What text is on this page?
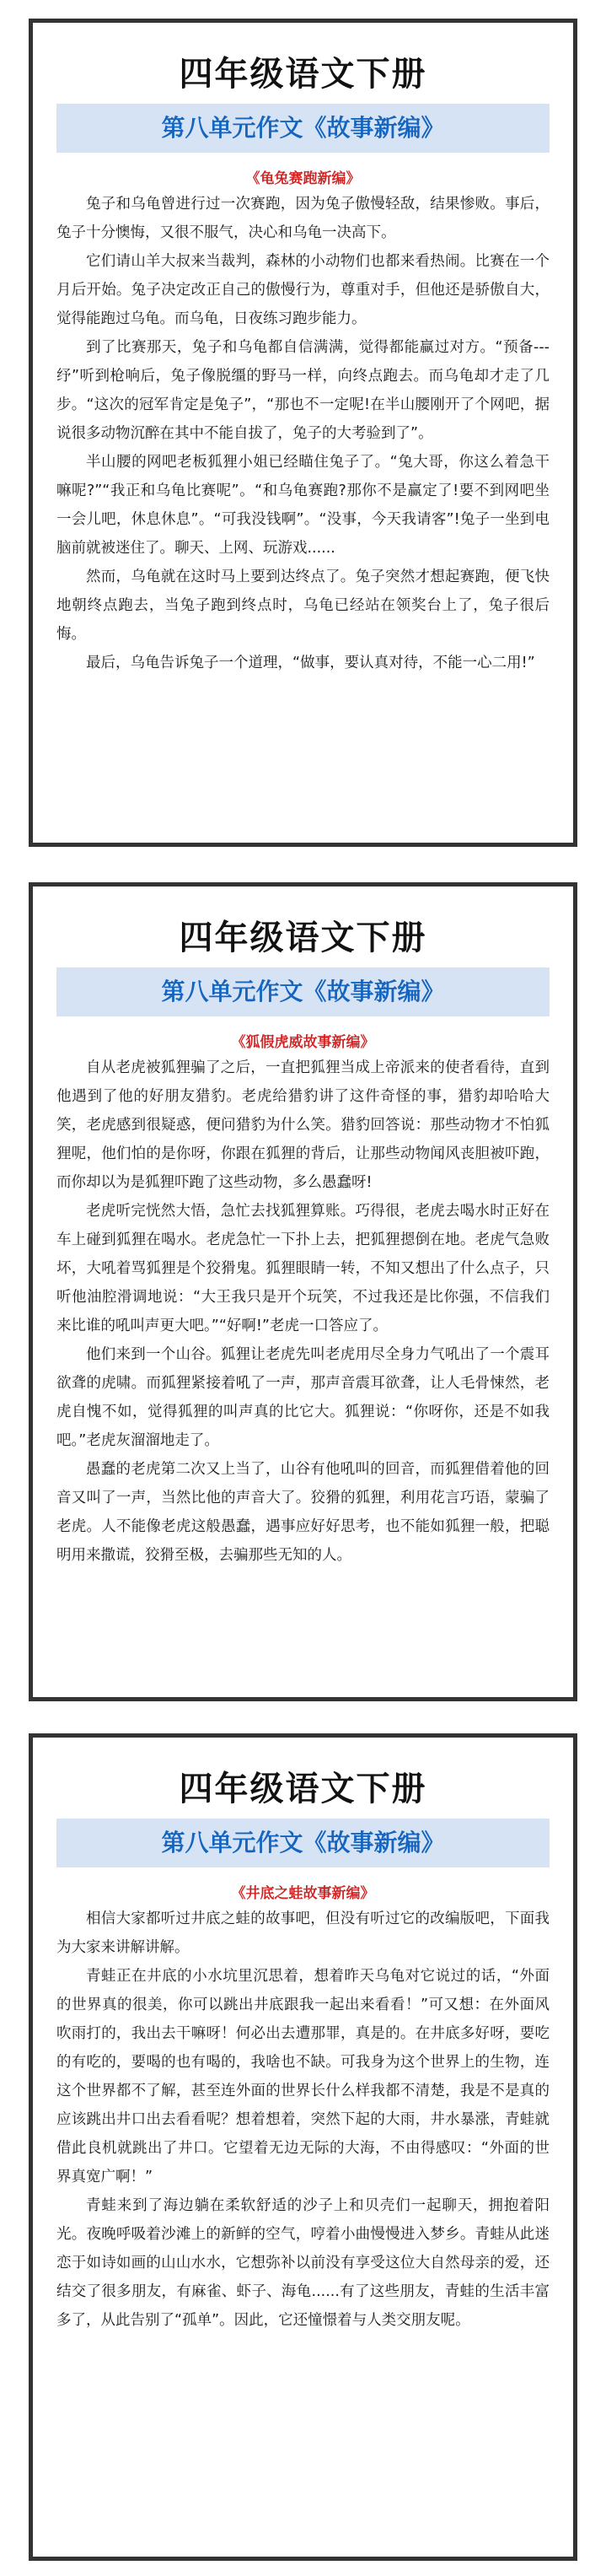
四年级语文下册
第八单元作文《故事新编》
《龟兔赛跑新编》

兔子和乌龟曾进行过一次赛跑，因为兔子傲慢轻敌，结果惨败。事后，兔子十分懊悔，又很不服气，决心和乌龟一决高下。

它们请山羊大叔来当裁判，森林的小动物们也都来看热闹。比赛在一个月后开始。兔子决定改正自己的傲慢行为，尊重对手，但他还是骄傲自大，觉得能跑过乌龟。而乌龟，日夜练习跑步能力。

到了比赛那天，兔子和乌龟都自信满满，觉得都能赢过对方。“预备---纾”听到枪响后，兔子像脱缰的野马一样，向终点跑去。而乌龟却才走了几步。“这次的冠军肯定是兔子”，“那也不一定呢!在半山腰刚开了个网吧，据说很多动物沉醉在其中不能自拔了，兔子的大考验到了”。

半山腰的网吧老板狐狸小姐已经瞄住兔子了。“兔大哥，你这么着急干嘛呢?”“我正和乌龟比赛呢”。“和乌龟赛跑?那你不是赢定了!要不到网吧坐一会儿吧，休息休息”。“可我没钱啊”。“没事，今天我请客”!兔子一坐到电脑前就被迷住了。聊天、上网、玩游戏......

然而，乌龟就在这时马上要到达终点了。兔子突然才想起赛跑，便飞快地朝终点跑去，当兔子跑到终点时，乌龟已经站在领奖台上了，兔子很后悔。

最后，乌龟告诉兔子一个道理，“做事，要认真对待，不能一心二用!”

四年级语文下册
第八单元作文《故事新编》
《狐假虎威故事新编》

自从老虎被狐狸骗了之后，一直把狐狸当成上帝派来的使者看待，直到他遇到了他的好朋友猎豹。老虎给猎豹讲了这件奇怪的事，猎豹却哈哈大笑，老虎感到很疑惑，便问猎豹为什么笑。猎豹回答说：那些动物才不怕狐狸呢，他们怕的是你呀，你跟在狐狸的背后，让那些动物闻风丧胆被吓跑，而你却以为是狐狸吓跑了这些动物，多么愚蠢呀!

老虎听完恍然大悟，急忙去找狐狸算账。巧得很，老虎去喝水时正好在车上碰到狐狸在喝水。老虎急忙一下扑上去，把狐狸摁倒在地。老虎气急败坏，大吼着骂狐狸是个狡猾鬼。狐狸眼睛一转，不知又想出了什么点子，只听他油腔滑调地说：“大王我只是开个玩笑，不过我还是比你强，不信我们来比谁的吼叫声更大吧。”“好啊!”老虎一口答应了。

他们来到一个山谷。狐狸让老虎先叫老虎用尽全身力气吼出了一个震耳欲聋的虎啸。而狐狸紧接着吼了一声，那声音震耳欲聋，让人毛骨悚然，老虎自愧不如，觉得狐狸的叫声真的比它大。狐狸说：“你呀你，还是不如我吧。”老虎灰溜溜地走了。

愚蠢的老虎第二次又上当了，山谷有他吼叫的回音，而狐狸借着他的回音又叫了一声，当然比他的声音大了。狡猾的狐狸，利用花言巧语，蒙骗了老虎。人不能像老虎这般愚蠢，遇事应好好思考，也不能如狐狸一般，把聪明用来撒谎，狡猾至极，去骗那些无知的人。

四年级语文下册
第八单元作文《故事新编》
《井底之蛙故事新编》

相信大家都听过井底之蛙的故事吧，但没有听过它的改编版吧，下面我为大家来讲解讲解。

青蛙正在井底的小水坑里沉思着，想着昨天乌龟对它说过的话，“外面的世界真的很美，你可以跳出井底跟我一起出来看看！”可又想：在外面风吹雨打的，我出去干嘛呀！何必出去遭那罪，真是的。在井底多好呀，要吃的有吃的，要喝的也有喝的，我啥也不缺。可我身为这个世界上的生物，连这个世界都不了解，甚至连外面的世界长什么样我都不清楚，我是不是真的应该跳出井口出去看看呢？想着想着，突然下起的大雨，井水暴涨，青蛙就借此良机就跳出了井口。它望着无边无际的大海，不由得感叹：“外面的世界真宽广啊！”

青蛙来到了海边躺在柔软舒适的沙子上和贝壳们一起聊天，拥抱着阳光。夜晚呼吸着沙滩上的新鲜的空气，哼着小曲慢慢进入梦乡。青蛙从此迷恋于如诗如画的山山水水，它想弥补以前没有享受这位大自然母亲的爱，还结交了很多朋友，有麻雀、虾子、海龟......有了这些朋友，青蛙的生活丰富多了，从此告别了“孤单”。因此，它还憧憬着与人类交朋友呢。
